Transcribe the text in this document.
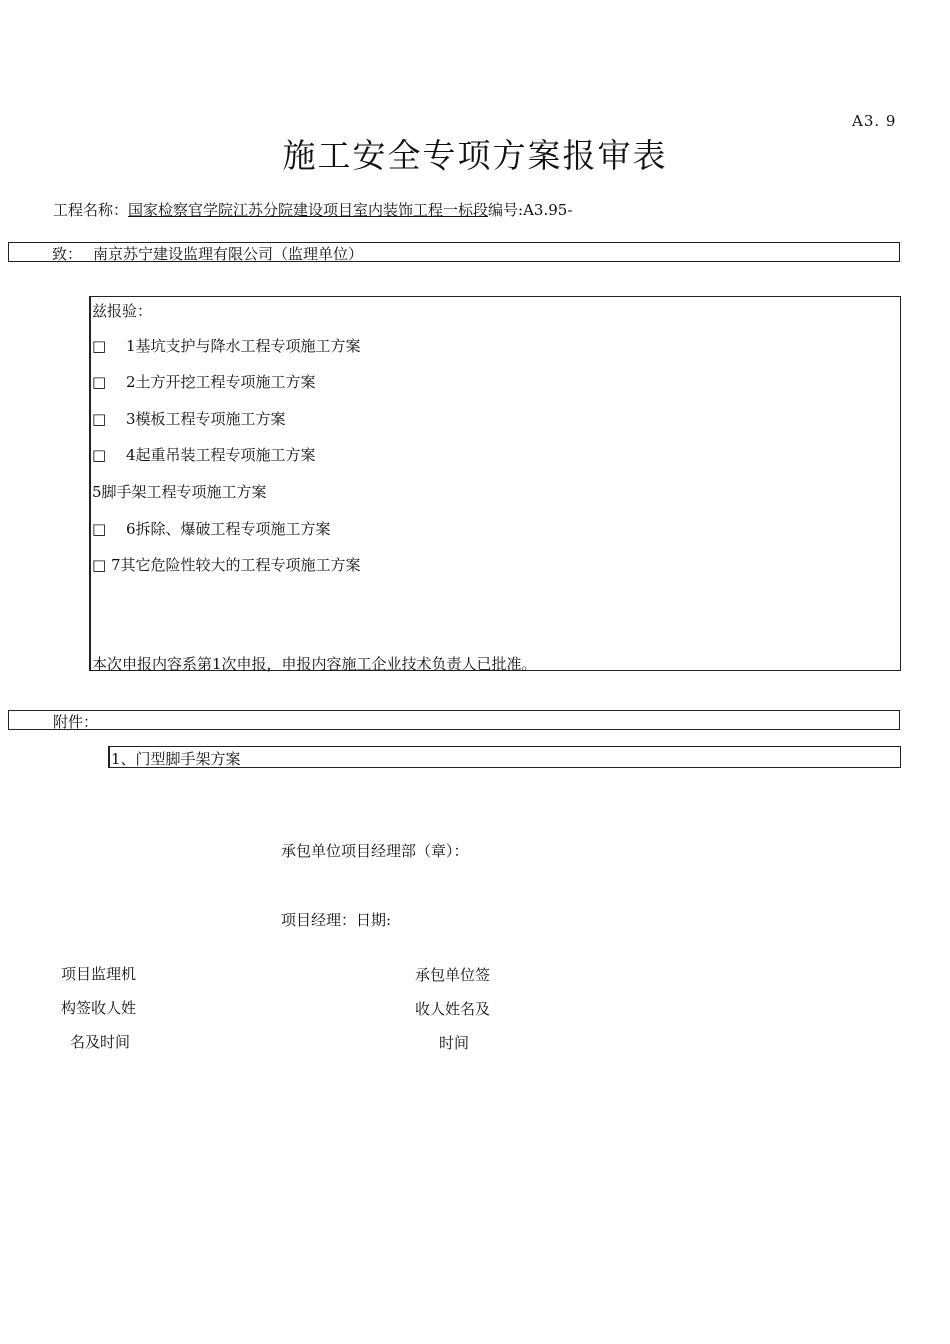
A3. 9
施工安全专项方案报审表
工程名称：国家检察官学院江苏分院建设项目室内装饰工程一标段编号:A3.95-
致： 南京苏宁建设监理有限公司（监理单位）
兹报验：
□　 1基坑支护与降水工程专项施工方案
□　 2土方开挖工程专项施工方案
□　 3模板工程专项施工方案
□　 4起重吊装工程专项施工方案
5脚手架工程专项施工方案
□　 6拆除、爆破工程专项施工方案
□ 7其它危险性较大的工程专项施工方案
本次申报内容系第1次申报，申报内容施工企业技术负责人已批准。
附件：
1、门型脚手架方案
承包单位项目经理部（章）：
项目经理：日期:
项目监理机
构签收人姓
名及时间
承包单位签
收人姓名及
时间
